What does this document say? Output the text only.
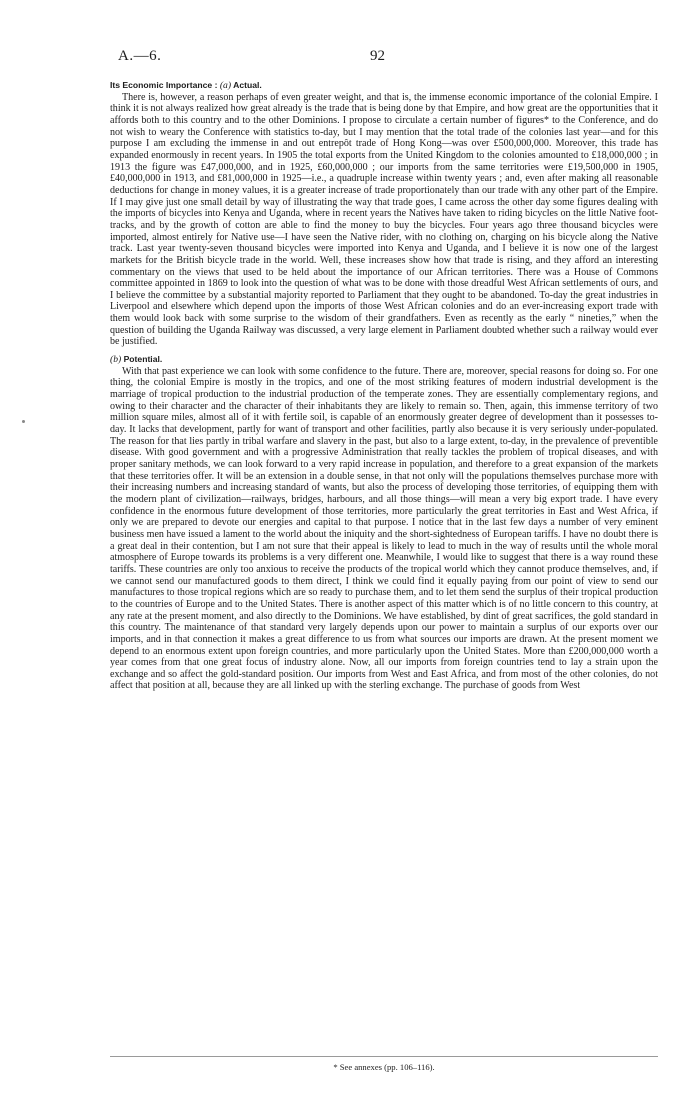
A.—6.	92
Its Economic Importance : (a) Actual.

There is, however, a reason perhaps of even greater weight, and that is, the immense economic importance of the colonial Empire. I think it is not always realized how great already is the trade that is being done by that Empire, and how great are the opportunities that it affords both to this country and to the other Dominions. I propose to circulate a certain number of figures* to the Conference, and do not wish to weary the Conference with statistics to-day, but I may mention that the total trade of the colonies last year—and for this purpose I am excluding the immense in and out entrepôt trade of Hong Kong—was over £500,000,000. Moreover, this trade has expanded enormously in recent years. In 1905 the total exports from the United Kingdom to the colonies amounted to £18,000,000 ; in 1913 the figure was £47,000,000, and in 1925, £60,000,000 ; our imports from the same territories were £19,500,000 in 1905, £40,000,000 in 1913, and £81,000,000 in 1925—i.e., a quadruple increase within twenty years ; and, even after making all reasonable deductions for change in money values, it is a greater increase of trade proportionately than our trade with any other part of the Empire. If I may give just one small detail by way of illustrating the way that trade goes, I came across the other day some figures dealing with the imports of bicycles into Kenya and Uganda, where in recent years the Natives have taken to riding bicycles on the little Native foot-tracks, and by the growth of cotton are able to find the money to buy the bicycles. Four years ago three thousand bicycles were imported, almost entirely for Native use—I have seen the Native rider, with no clothing on, charging on his bicycle along the Native track. Last year twenty-seven thousand bicycles were imported into Kenya and Uganda, and I believe it is now one of the largest markets for the British bicycle trade in the world. Well, these increases show how that trade is rising, and they afford an interesting commentary on the views that used to be held about the importance of our African territories. There was a House of Commons committee appointed in 1869 to look into the question of what was to be done with those dreadful West African settlements of ours, and I believe the committee by a substantial majority reported to Parliament that they ought to be abandoned. To-day the great industries in Liverpool and elsewhere which depend upon the imports of those West African colonies and do an ever-increasing export trade with them would look back with some surprise to the wisdom of their grandfathers. Even as recently as the early “ nineties,” when the question of building the Uganda Railway was discussed, a very large element in Parliament doubted whether such a railway would ever be justified.

(b) Potential.

With that past experience we can look with some confidence to the future. There are, moreover, special reasons for doing so. For one thing, the colonial Empire is mostly in the tropics, and one of the most striking features of modern industrial development is the marriage of tropical production to the industrial production of the temperate zones. They are essentially complementary regions, and owing to their character and the character of their inhabitants they are likely to remain so. Then, again, this immense territory of two million square miles, almost all of it with fertile soil, is capable of an enormously greater degree of development than it possesses to-day. It lacks that development, partly for want of transport and other facilities, partly also because it is very seriously under-populated. The reason for that lies partly in tribal warfare and slavery in the past, but also to a large extent, to-day, in the prevalence of preventible disease. With good government and with a progressive Administration that really tackles the problem of tropical diseases, and with proper sanitary methods, we can look forward to a very rapid increase in population, and therefore to a great expansion of the markets that these territories offer. It will be an extension in a double sense, in that not only will the populations themselves purchase more with their increasing numbers and increasing standard of wants, but also the process of developing those territories, of equipping them with the modern plant of civilization—railways, bridges, harbours, and all those things—will mean a very big export trade. I have every confidence in the enormous future development of those territories, more particularly the great territories in East and West Africa, if only we are prepared to devote our energies and capital to that purpose. I notice that in the last few days a number of very eminent business men have issued a lament to the world about the iniquity and the short-sightedness of European tariffs. I have no doubt there is a great deal in their contention, but I am not sure that their appeal is likely to lead to much in the way of results until the whole moral atmosphere of Europe towards its problems is a very different one. Meanwhile, I would like to suggest that there is a way round these tariffs. These countries are only too anxious to receive the products of the tropical world which they cannot produce themselves, and, if we cannot send our manufactured goods to them direct, I think we could find it equally paying from our point of view to send our manufactures to those tropical regions which are so ready to purchase them, and to let them send the surplus of their tropical production to the countries of Europe and to the United States. There is another aspect of this matter which is of no little concern to this country, at any rate at the present moment, and also directly to the Dominions. We have established, by dint of great sacrifices, the gold standard in this country. The maintenance of that standard very largely depends upon our power to maintain a surplus of our exports over our imports, and in that connection it makes a great difference to us from what sources our imports are drawn. At the present moment we depend to an enormous extent upon foreign countries, and more particularly upon the United States. More than £200,000,000 worth a year comes from that one great focus of industry alone. Now, all our imports from foreign countries tend to lay a strain upon the exchange and so affect the gold-standard position. Our imports from West and East Africa, and from most of the other colonies, do not affect that position at all, because they are all linked up with the sterling exchange. The purchase of goods from West

* See annexes (pp. 106–116).
